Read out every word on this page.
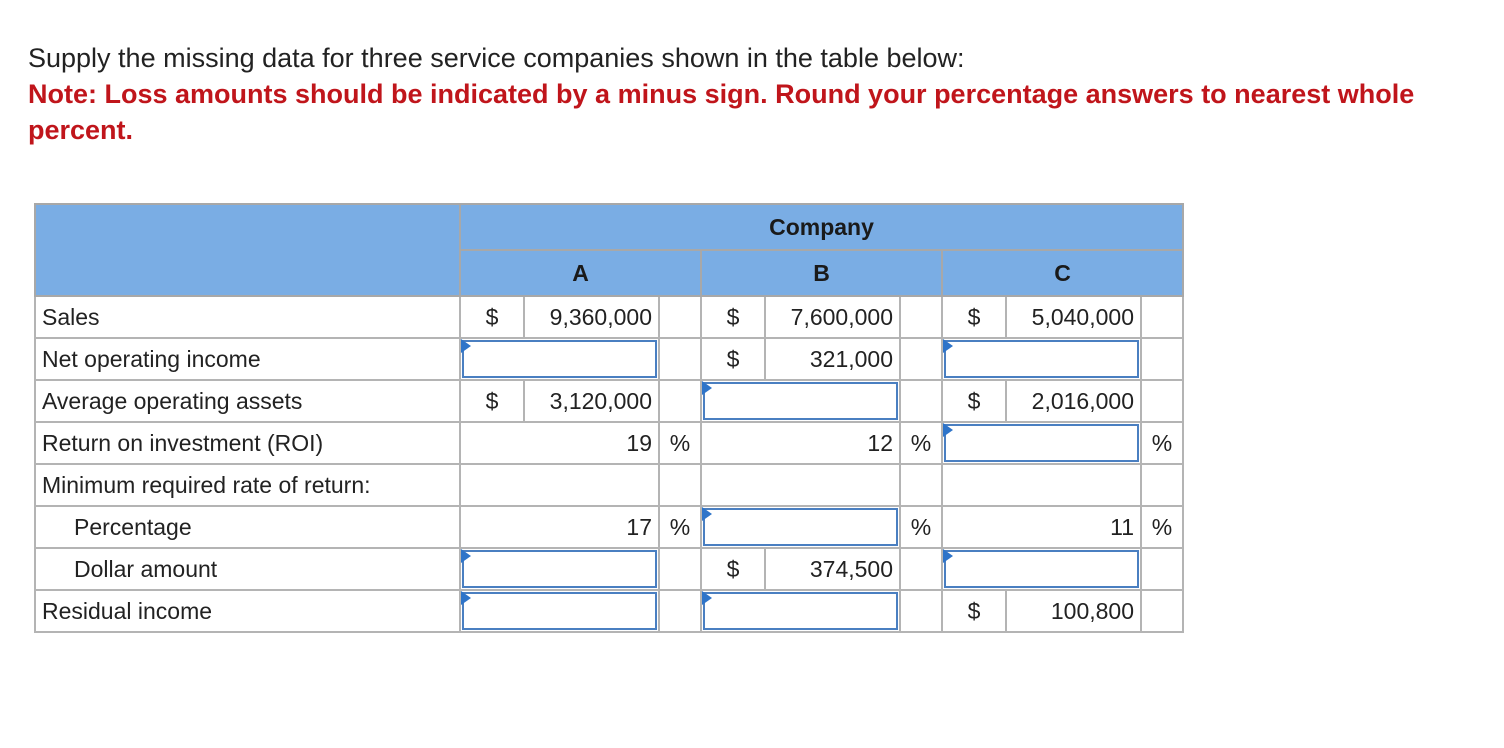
Supply the missing data for three service companies shown in the table below:
Note: Loss amounts should be indicated by a minus sign. Round your percentage answers to nearest whole percent.
	Company								
	A			B			C		
Sales	$	9,360,000		$	7,600,000		$	5,040,000	
Net operating income				$	321,000			

Average operating assets	$	3,120,000					$	2,016,000	
Return on investment (ROI)	19		%	12		%			%
Minimum required rate of return:									
Percentage	17		%			%	11		%
Dollar amount				$	374,500			

Residual income							$	100,800	
